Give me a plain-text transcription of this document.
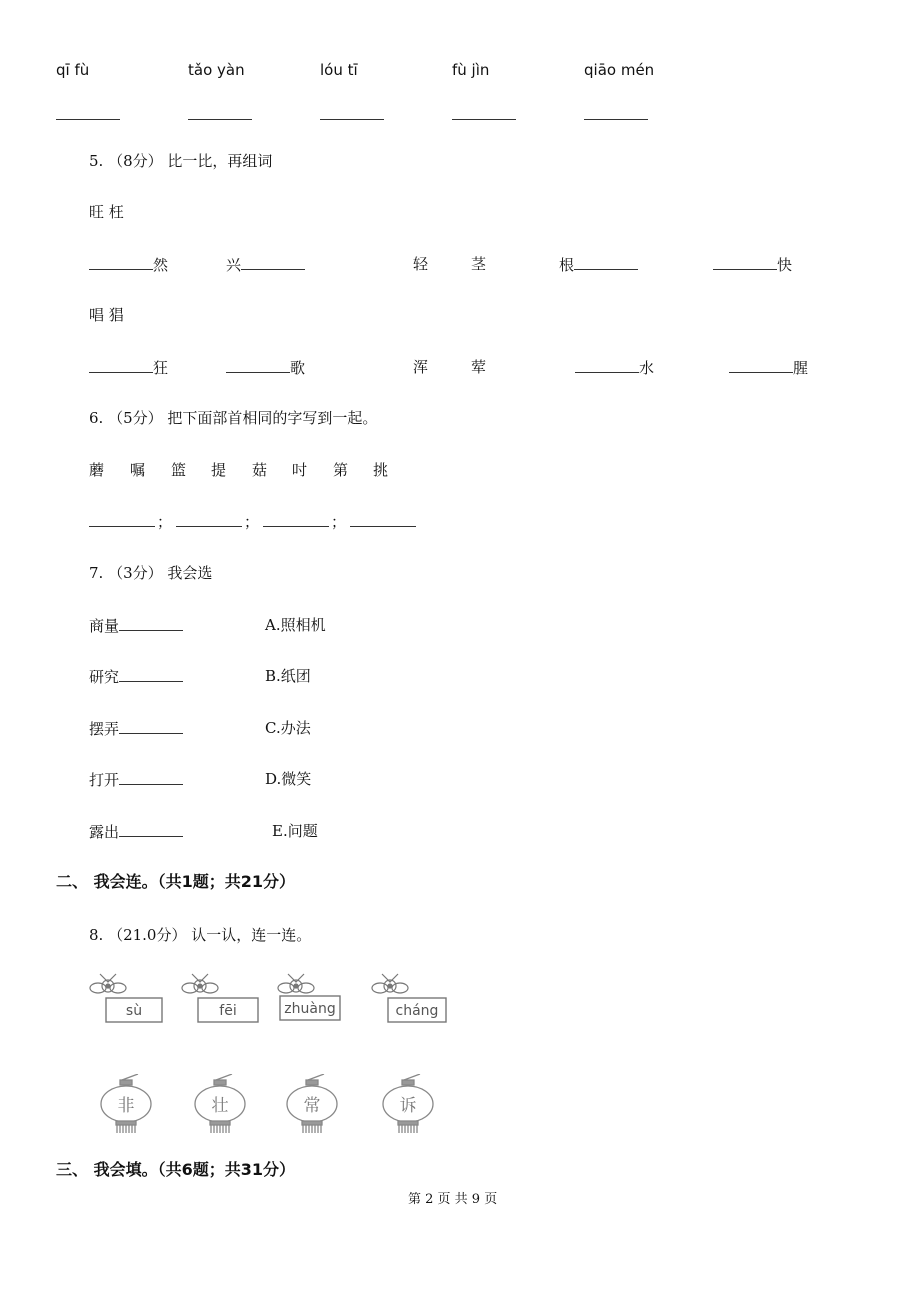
qī fù	tǎo yàn	lóu tī	fù jìn	qiāo mén
5. （8分） 比一比，再组词
旺 枉
然	兴	轻	茎	根	快
唱 猖
狂	歌	浑	荤	水	腥
6. （5分） 把下面部首相同的字写到一起。
蘑 嘱 篮 提 菇 吋 第 挑
；	；	；
7. （3分） 我会选
商量	A.照相机
研究	B.纸团
摆弄	C.办法
打开	D.微笑
露出	E.问题
二、 我会连。（共1题；共21分）
8. （21.0分） 认一认，连一连。
sù	fēi	zhuàng	cháng
非	壮	常	诉
三、 我会填。（共6题；共31分）
第 2 页 共 9 页
